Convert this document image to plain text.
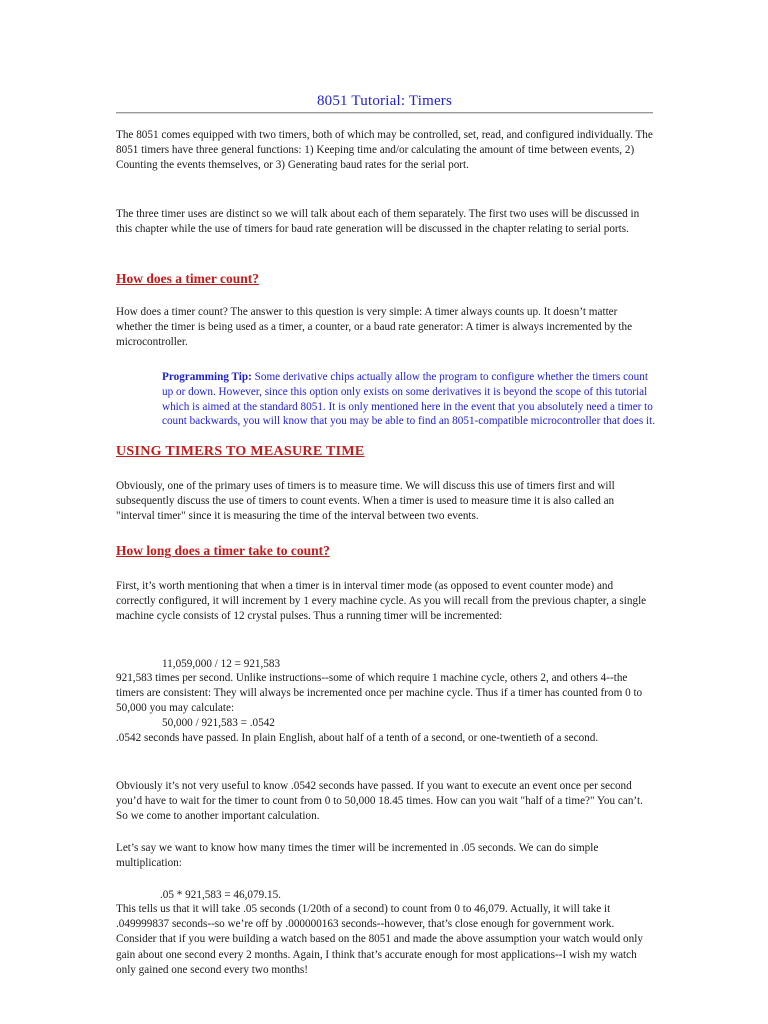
8051 Tutorial: Timers

The 8051 comes equipped with two timers, both of which may be controlled, set, read, and configured individually. The 8051 timers have three general functions: 1) Keeping time and/or calculating the amount of time between events, 2) Counting the events themselves, or 3) Generating baud rates for the serial port.

The three timer uses are distinct so we will talk about each of them separately. The first two uses will be discussed in this chapter while the use of timers for baud rate generation will be discussed in the chapter relating to serial ports.

How does a timer count?

How does a timer count? The answer to this question is very simple: A timer always counts up. It doesn’t matter whether the timer is being used as a timer, a counter, or a baud rate generator: A timer is always incremented by the microcontroller.

Programming Tip: Some derivative chips actually allow the program to configure whether the timers count up or down. However, since this option only exists on some derivatives it is beyond the scope of this tutorial which is aimed at the standard 8051. It is only mentioned here in the event that you absolutely need a timer to count backwards, you will know that you may be able to find an 8051-compatible microcontroller that does it.

USING TIMERS TO MEASURE TIME

Obviously, one of the primary uses of timers is to measure time. We will discuss this use of timers first and will subsequently discuss the use of timers to count events. When a timer is used to measure time it is also called an "interval timer" since it is measuring the time of the interval between two events.

How long does a timer take to count?

First, it’s worth mentioning that when a timer is in interval timer mode (as opposed to event counter mode) and correctly configured, it will increment by 1 every machine cycle. As you will recall from the previous chapter, a single machine cycle consists of 12 crystal pulses. Thus a running timer will be incremented:

11,059,000 / 12 = 921,583

921,583 times per second. Unlike instructions--some of which require 1 machine cycle, others 2, and others 4--the timers are consistent: They will always be incremented once per machine cycle. Thus if a timer has counted from 0 to 50,000 you may calculate:

50,000 / 921,583 = .0542

.0542 seconds have passed. In plain English, about half of a tenth of a second, or one-twentieth of a second.

Obviously it’s not very useful to know .0542 seconds have passed. If you want to execute an event once per second you’d have to wait for the timer to count from 0 to 50,000 18.45 times. How can you wait "half of a time?" You can’t. So we come to another important calculation.

Let’s say we want to know how many times the timer will be incremented in .05 seconds. We can do simple multiplication:

.05 * 921,583 = 46,079.15.

This tells us that it will take .05 seconds (1/20th of a second) to count from 0 to 46,079. Actually, it will take it .049999837 seconds--so we’re off by .000000163 seconds--however, that’s close enough for government work. Consider that if you were building a watch based on the 8051 and made the above assumption your watch would only gain about one second every 2 months. Again, I think that’s accurate enough for most applications--I wish my watch only gained one second every two months!
